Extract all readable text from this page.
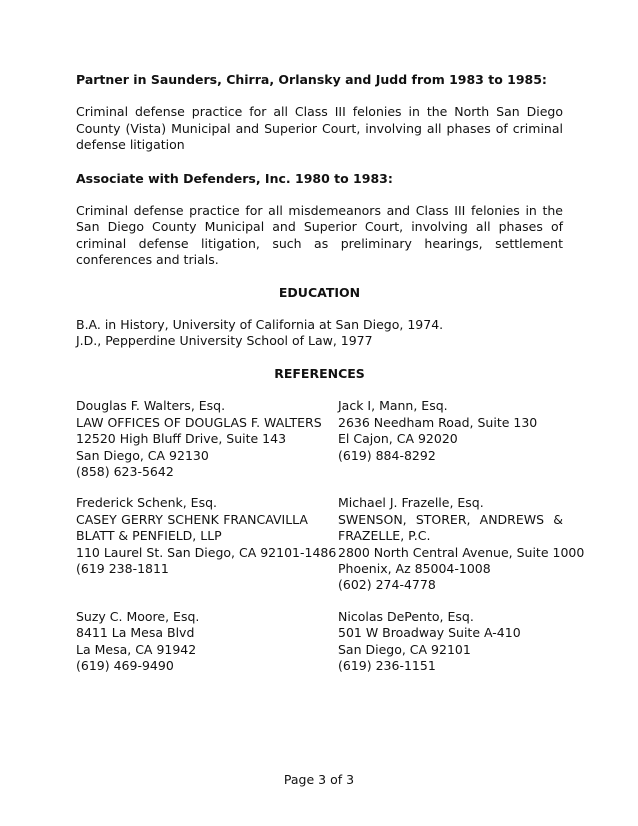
Partner in Saunders, Chirra, Orlansky and Judd from 1983 to 1985:

Criminal defense practice for all Class III felonies in the North San Diego County (Vista) Municipal and Superior Court, involving all phases of criminal defense litigation

Associate with Defenders, Inc. 1980 to 1983:

Criminal defense practice for all misdemeanors and Class III felonies in the San Diego County Municipal and Superior Court, involving all phases of criminal defense litigation, such as preliminary hearings, settlement conferences and trials.

EDUCATION

B.A. in History, University of California at San Diego, 1974.

J.D., Pepperdine University School of Law, 1977

REFERENCES

Douglas F. Walters, Esq.

LAW OFFICES OF DOUGLAS F. WALTERS

12520 High Bluff Drive, Suite 143

San Diego, CA 92130

(858) 623-5642

Jack I, Mann, Esq.

2636 Needham Road, Suite 130

El Cajon, CA 92020

(619) 884-8292

Frederick Schenk, Esq.

CASEY GERRY SCHENK FRANCAVILLA

BLATT & PENFIELD, LLP

110 Laurel St. San Diego, CA 92101-1486

(619 238-1811

Michael J. Frazelle, Esq.

SWENSON, STORER, ANDREWS &

FRAZELLE, P.C.

2800 North Central Avenue, Suite 1000

Phoenix, Az 85004-1008

(602) 274-4778

Suzy C. Moore, Esq.

8411 La Mesa Blvd

La Mesa, CA 91942

(619) 469-9490

Nicolas DePento, Esq.

501 W Broadway Suite A-410

San Diego, CA 92101

(619) 236-1151

Page 3 of 3
